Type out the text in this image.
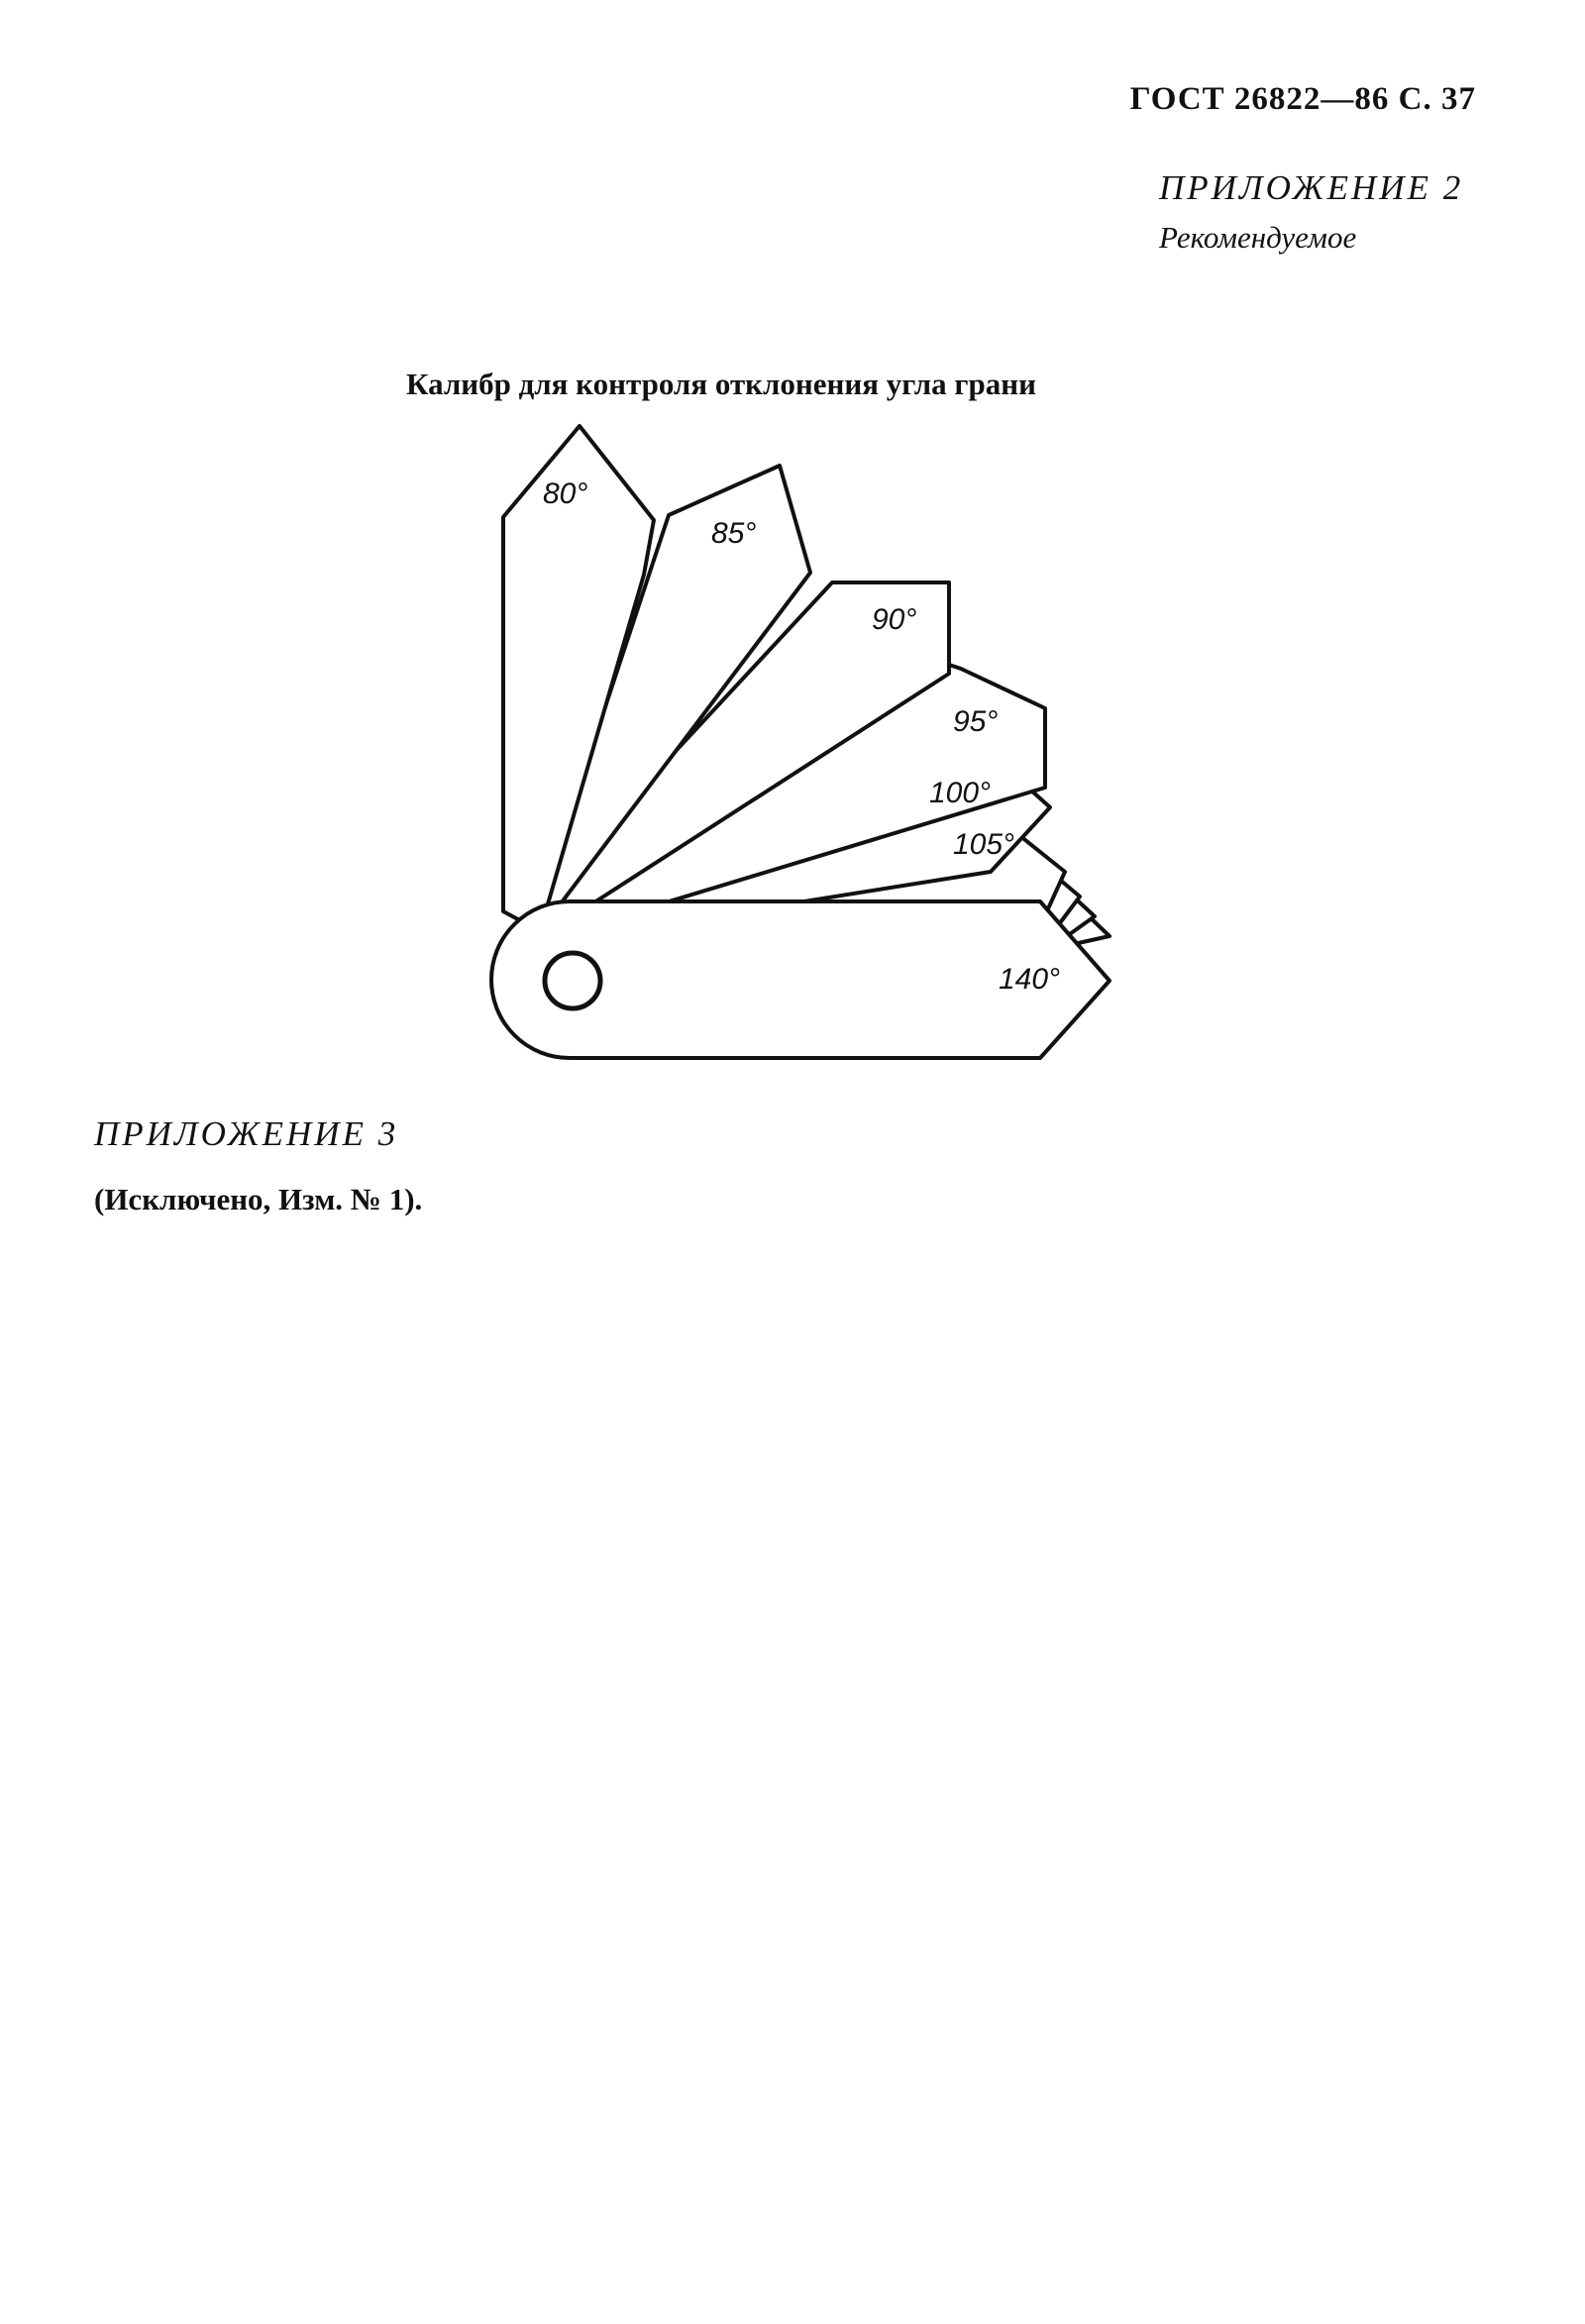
ГОСТ 26822—86 С. 37
ПРИЛОЖЕНИЕ 2
Рекомендуемое
Калибр для контроля отклонения угла грани
80°
85°
90°
95°
100°
105°
140°
ПРИЛОЖЕНИЕ 3
(Исключено, Изм. № 1).
